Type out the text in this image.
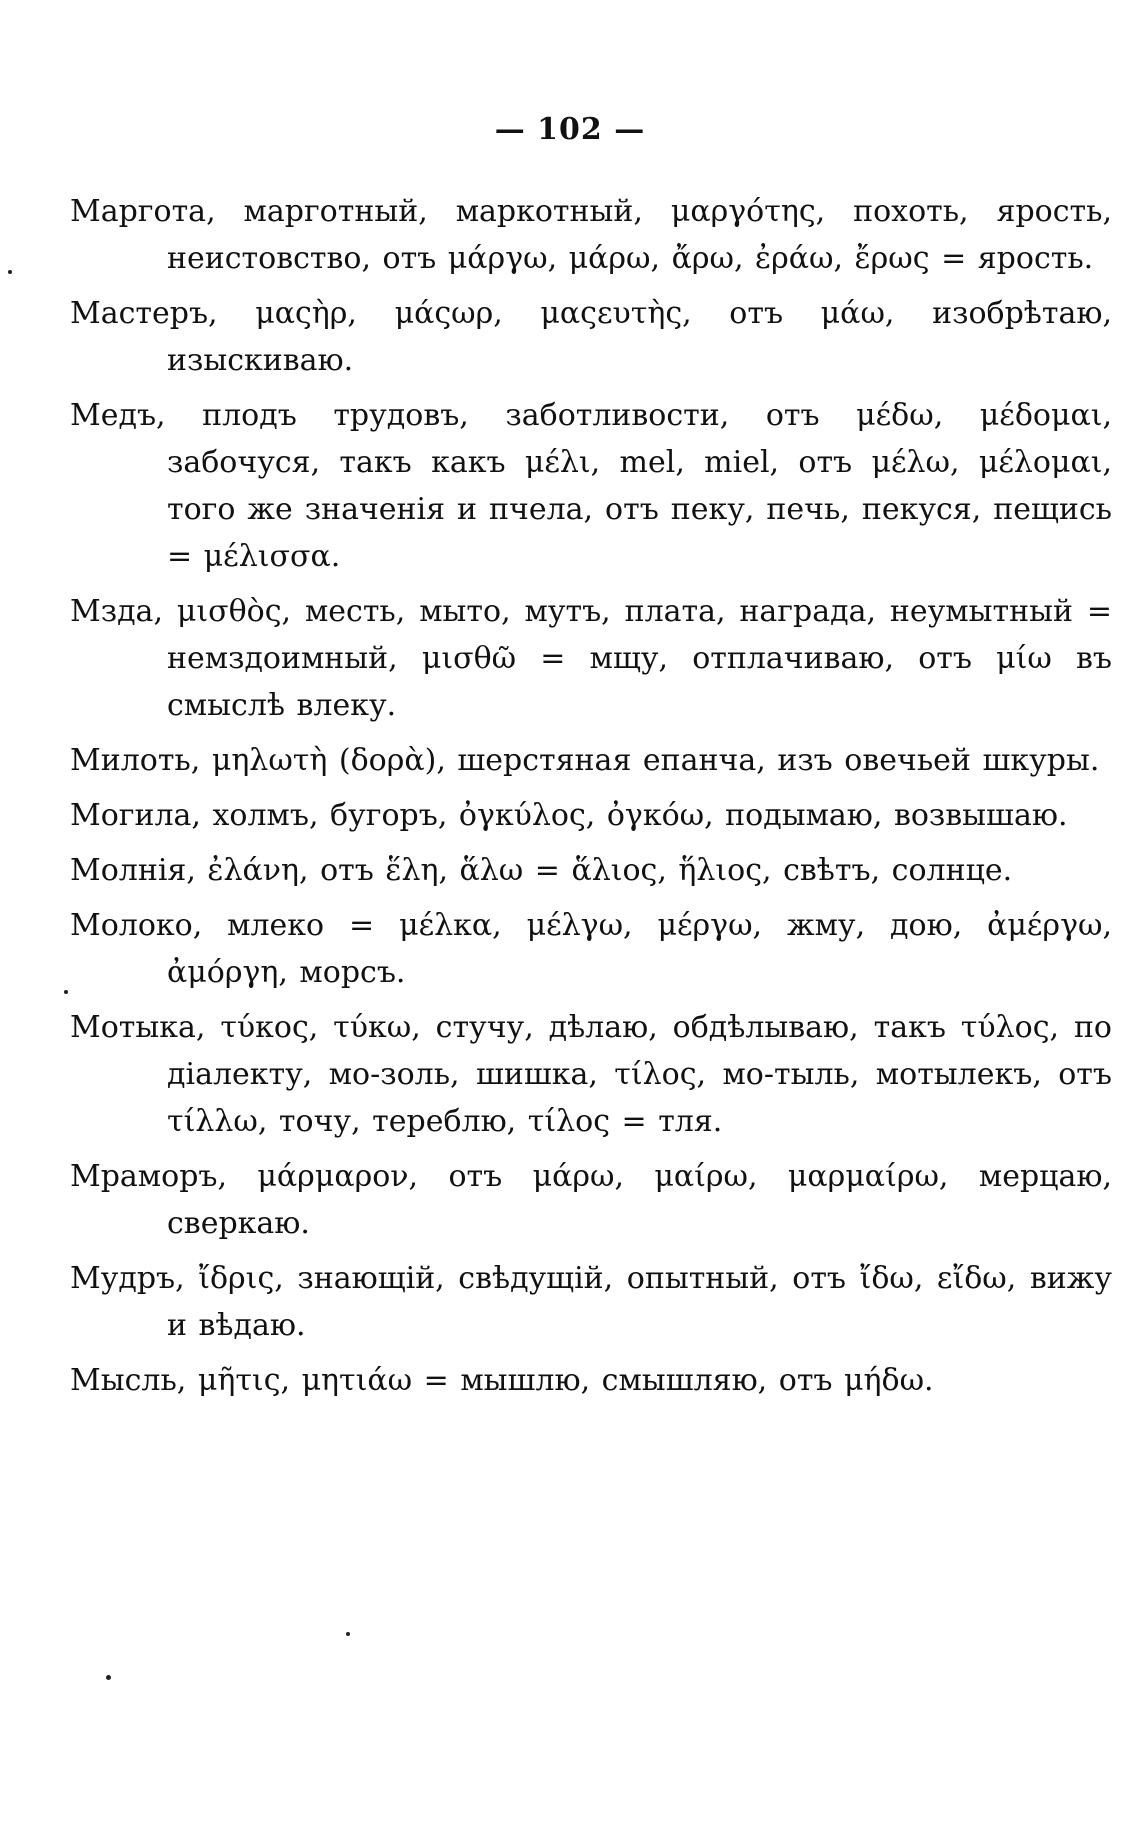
— 102 —

Маргота, марготный, маркотный, μαργότης, похоть, ярость, неистовство, отъ μάργω, μάρω, ἄρω, ἐράω, ἔρως = ярость.

Мастеръ, μαςὴρ, μάςωρ, μαςευτὴς, отъ μάω, изобрѣтаю, изыскиваю.

Медъ, плодъ трудовъ, заботливости, отъ μέδω, μέδομαι, забочуся, такъ какъ μέλι, mel, miel, отъ μέλω, μέλομαι, того же значенія и пчела, отъ пеку, печь, пекуся, пещись = μέλισσα.

Мзда, μισθὸς, месть, мыто, мутъ, плата, награда, неумытный = немздоимный, μισθῶ = мщу, отплачиваю, отъ μίω въ смыслѣ влеку.

Милоть, μηλωτὴ (δορὰ), шерстяная епанча, изъ овечьей шкуры.

Могила, холмъ, бугоръ, ὀγκύλος, ὀγκόω, подымаю, возвышаю.

Молнія, ἐλάνη, отъ ἕλη, ἅλω = ἅλιος, ἥλιος, свѣтъ, солнце.

Молоко, млеко = μέλκα, μέλγω, μέργω, жму, дою, ἀμέργω, ἀμόργη, морсъ.

Мотыка, τύκος, τύκω, стучу, дѣлаю, обдѣлываю, такъ τύλος, по діалекту, мо-золь, шишка, τίλος, мо-тыль, мотылекъ, отъ τίλλω, точу, тереблю, τίλος = тля.

Мраморъ, μάρμαρον, отъ μάρω, μαίρω, μαρμαίρω, мерцаю, сверкаю.

Мудръ, ἴδρις, знающій, свѣдущій, опытный, отъ ἴδω, εἴδω, вижу и вѣдаю.

Мысль, μῆτις, μητιάω = мышлю, смышляю, отъ μήδω.
